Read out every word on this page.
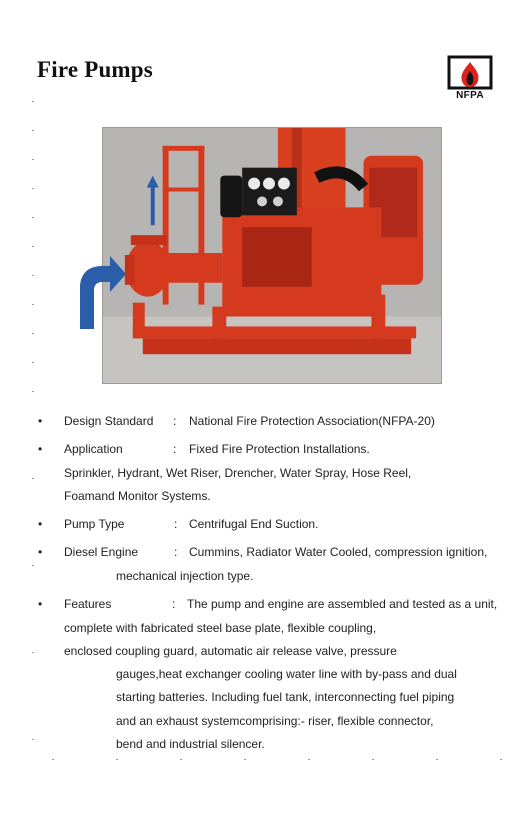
Fire Pumps
NFPA
• Design Standard : National Fire Protection Association(NFPA-20)
• Application	: Fixed Fire Protection Installations.
Sprinkler, Hydrant, Wet Riser, Drencher, Water Spray, Hose Reel,
Foamand Monitor Systems.
• Pump Type	: Centrifugal End Suction.
• Diesel Engine	: Cummins, Radiator Water Cooled, compression ignition,
mechanical injection type.
• Features	: The pump and engine are assembled and tested as a unit,
complete with fabricated steel base plate, flexible coupling,
enclosed coupling guard, automatic air release valve, pressure
gauges,heat exchanger cooling water line with by-pass and dual
starting batteries. Including fuel tank, interconnecting fuel piping
and an exhaust systemcomprising:- riser, flexible connector,
bend and industrial silencer.
